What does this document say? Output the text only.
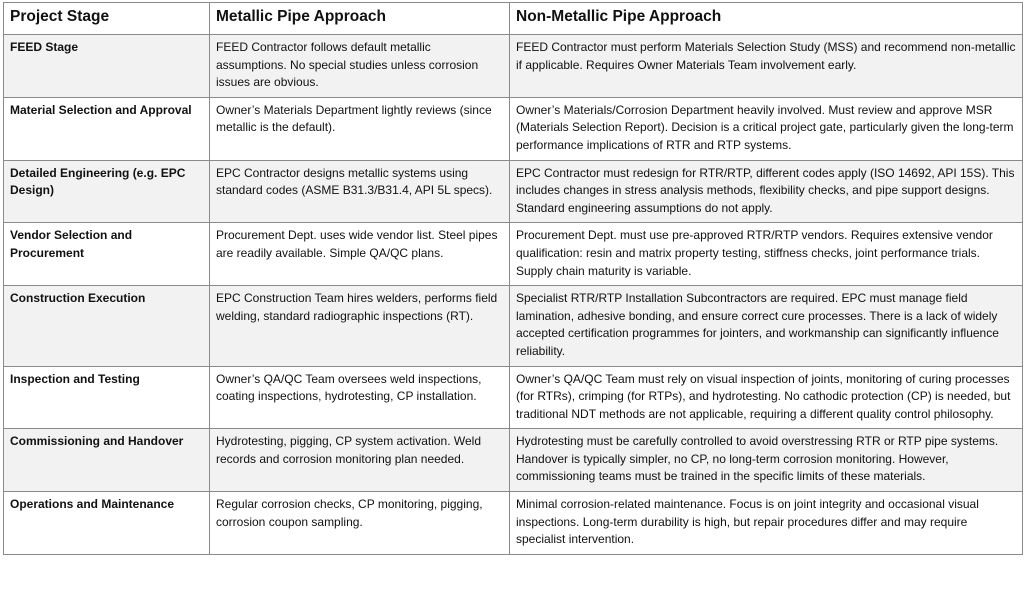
Project Stage	Metallic Pipe Approach	Non-Metallic Pipe Approach
FEED Stage	FEED Contractor follows default metallic assumptions. No special studies unless corrosion issues are obvious.	FEED Contractor must perform Materials Selection Study (MSS) and recommend non-metallic if applicable. Requires Owner Materials Team involvement early.
Material Selection and Approval	Owner’s Materials Department lightly reviews (since metallic is the default).	Owner’s Materials/Corrosion Department heavily involved. Must review and approve MSR (Materials Selection Report). Decision is a critical project gate, particularly given the long-term performance implications of RTR and RTP systems.
Detailed Engineering (e.g. EPC Design)	EPC Contractor designs metallic systems using standard codes (ASME B31.3/B31.4, API 5L specs).	EPC Contractor must redesign for RTR/RTP, different codes apply (ISO 14692, API 15S). This includes changes in stress analysis methods, flexibility checks, and pipe support designs. Standard engineering assumptions do not apply.
Vendor Selection and Procurement	Procurement Dept. uses wide vendor list. Steel pipes are readily available. Simple QA/QC plans.	Procurement Dept. must use pre-approved RTR/RTP vendors. Requires extensive vendor qualification: resin and matrix property testing, stiffness checks, joint performance trials. Supply chain maturity is variable.
Construction Execution	EPC Construction Team hires welders, performs field welding, standard radiographic inspections (RT).	Specialist RTR/RTP Installation Subcontractors are required. EPC must manage field lamination, adhesive bonding, and ensure correct cure processes. There is a lack of widely accepted certification programmes for jointers, and workmanship can significantly influence reliability.
Inspection and Testing	Owner’s QA/QC Team oversees weld inspections, coating inspections, hydrotesting, CP installation.	Owner’s QA/QC Team must rely on visual inspection of joints, monitoring of curing processes (for RTRs), crimping (for RTPs), and hydrotesting. No cathodic protection (CP) is needed, but traditional NDT methods are not applicable, requiring a different quality control philosophy.
Commissioning and Handover	Hydrotesting, pigging, CP system activation. Weld records and corrosion monitoring plan needed.	Hydrotesting must be carefully controlled to avoid overstressing RTR or RTP pipe systems. Handover is typically simpler, no CP, no long-term corrosion monitoring. However, commissioning teams must be trained in the specific limits of these materials.
Operations and Maintenance	Regular corrosion checks, CP monitoring, pigging, corrosion coupon sampling.	Minimal corrosion-related maintenance. Focus is on joint integrity and occasional visual inspections. Long-term durability is high, but repair procedures differ and may require specialist intervention.
